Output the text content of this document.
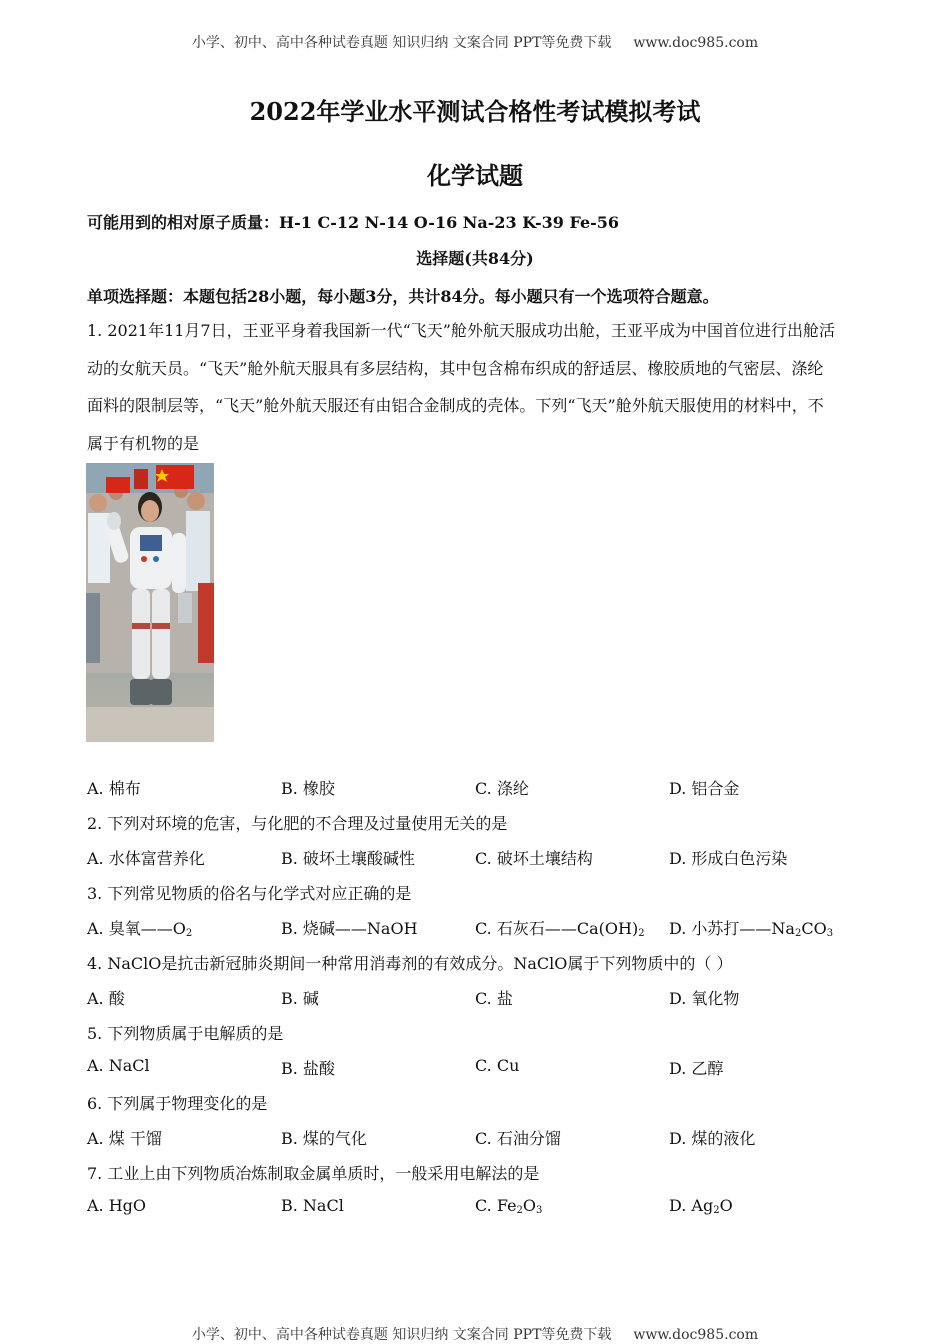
小学、初中、高中各种试卷真题 知识归纳 文案合同 PPT等免费下载 www.doc985.com
2022年学业水平测试合格性考试模拟考试
化学试题
可能用到的相对原子质量：H-1 C-12 N-14 O-16 Na-23 K-39 Fe-56
选择题(共84分)
单项选择题：本题包括28小题，每小题3分，共计84分。每小题只有一个选项符合题意。
1. 2021年11月7日，王亚平身着我国新一代“飞天”舱外航天服成功出舱，王亚平成为中国首位进行出舱活
动的女航天员。“飞天”舱外航天服具有多层结构，其中包含棉布织成的舒适层、橡胶质地的气密层、涤纶
面料的限制层等，“飞天”舱外航天服还有由铝合金制成的壳体。下列“飞天”舱外航天服使用的材料中，不
属于有机物的是
A. 棉布	B. 橡胶	C. 涤纶	D. 铝合金
2. 下列对环境的危害，与化肥的不合理及过量使用无关的是
A. 水体富营养化	B. 破坏土壤酸碱性	C. 破坏土壤结构	D. 形成白色污染
3. 下列常见物质的俗名与化学式对应正确的是
A. 臭氧$——O_2$	B. 烧碱——NaOH	C. 石灰石$——Ca(OH)_2$ D. 小苏打$——Na_2CO_3$
4. NaClO是抗击新冠肺炎期间一种常用消毒剂的有效成分。NaClO属于下列物质中的（ ）
A. 酸	B. 碱	C. 盐	D. 氧化物
5. 下列物质属于电解质的是
A. NaCl	B. 盐酸	C. Cu	D. 乙醇
6. 下列属于物理变化的是
A. 煤 干馏	B. 煤的气化	C. 石油分馏	D. 煤的液化
7. 工业上由下列物质冶炼制取金属单质时，一般采用电解法的是
A. HgO	B. NaCl	C. $Fe_2O_3$	D. $Ag_2O$
小学、初中、高中各种试卷真题 知识归纳 文案合同 PPT等免费下载 www.doc985.com
